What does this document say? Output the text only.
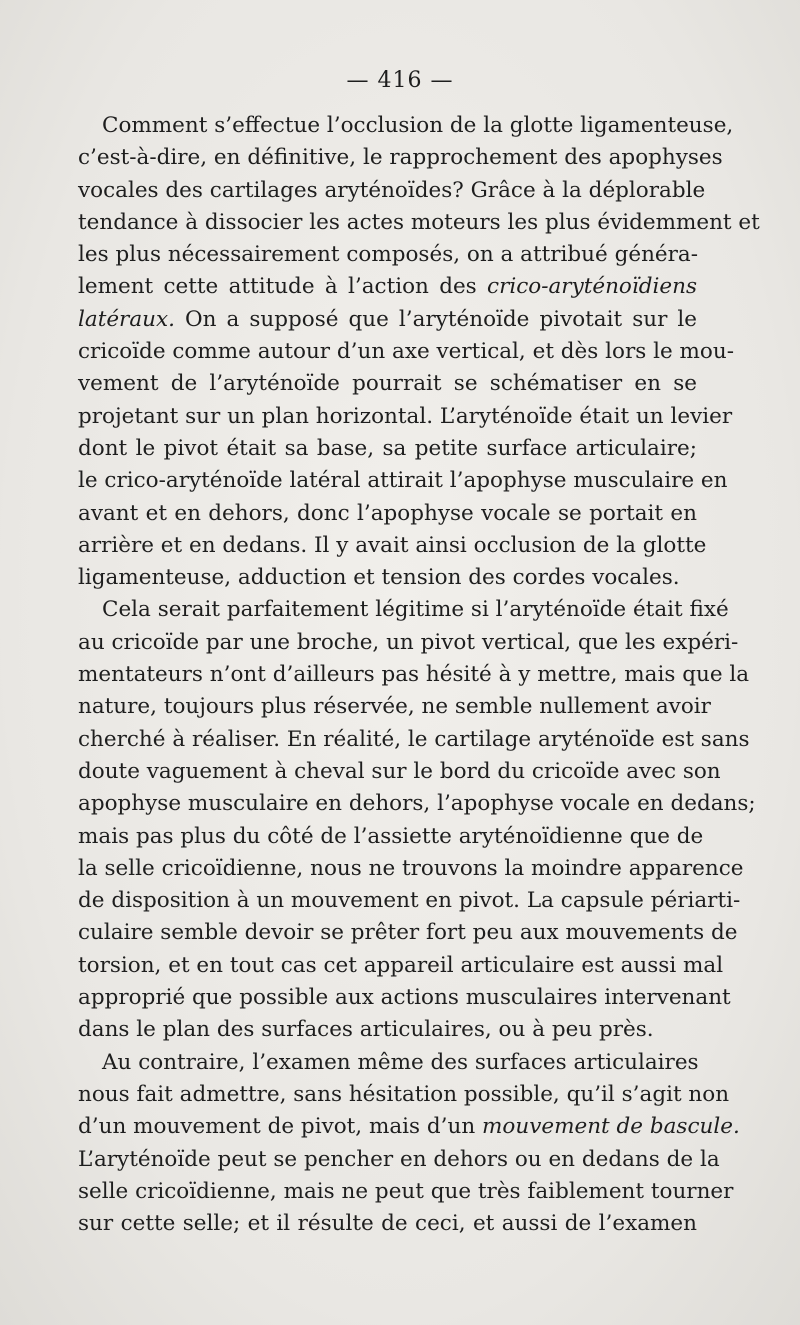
— 416 —
Comment s’effectue l’occlusion de la glotte ligamenteuse,
c’est-à-dire, en définitive, le rapprochement des apophyses
vocales des cartilages aryténoïdes? Grâce à la déplorable
tendance à dissocier les actes moteurs les plus évidemment et
les plus nécessairement composés, on a attribué généra-
lement cette attitude à l’action des crico-aryténoïdiens
latéraux. On a supposé que l’aryténoïde pivotait sur le
cricoïde comme autour d’un axe vertical, et dès lors le mou-
vement de l’aryténoïde pourrait se schématiser en se
projetant sur un plan horizontal. L’aryténoïde était un levier
dont le pivot était sa base, sa petite surface articulaire;
le crico-aryténoïde latéral attirait l’apophyse musculaire en
avant et en dehors, donc l’apophyse vocale se portait en
arrière et en dedans. Il y avait ainsi occlusion de la glotte
ligamenteuse, adduction et tension des cordes vocales.
Cela serait parfaitement légitime si l’aryténoïde était fixé
au cricoïde par une broche, un pivot vertical, que les expéri-
mentateurs n’ont d’ailleurs pas hésité à y mettre, mais que la
nature, toujours plus réservée, ne semble nullement avoir
cherché à réaliser. En réalité, le cartilage aryténoïde est sans
doute vaguement à cheval sur le bord du cricoïde avec son
apophyse musculaire en dehors, l’apophyse vocale en dedans;
mais pas plus du côté de l’assiette aryténoïdienne que de
la selle cricoïdienne, nous ne trouvons la moindre apparence
de disposition à un mouvement en pivot. La capsule périarti-
culaire semble devoir se prêter fort peu aux mouvements de
torsion, et en tout cas cet appareil articulaire est aussi mal
approprié que possible aux actions musculaires intervenant
dans le plan des surfaces articulaires, ou à peu près.
Au contraire, l’examen même des surfaces articulaires
nous fait admettre, sans hésitation possible, qu’il s’agit non
d’un mouvement de pivot, mais d’un mouvement de bascule.
L’aryténoïde peut se pencher en dehors ou en dedans de la
selle cricoïdienne, mais ne peut que très faiblement tourner
sur cette selle; et il résulte de ceci, et aussi de l’examen
